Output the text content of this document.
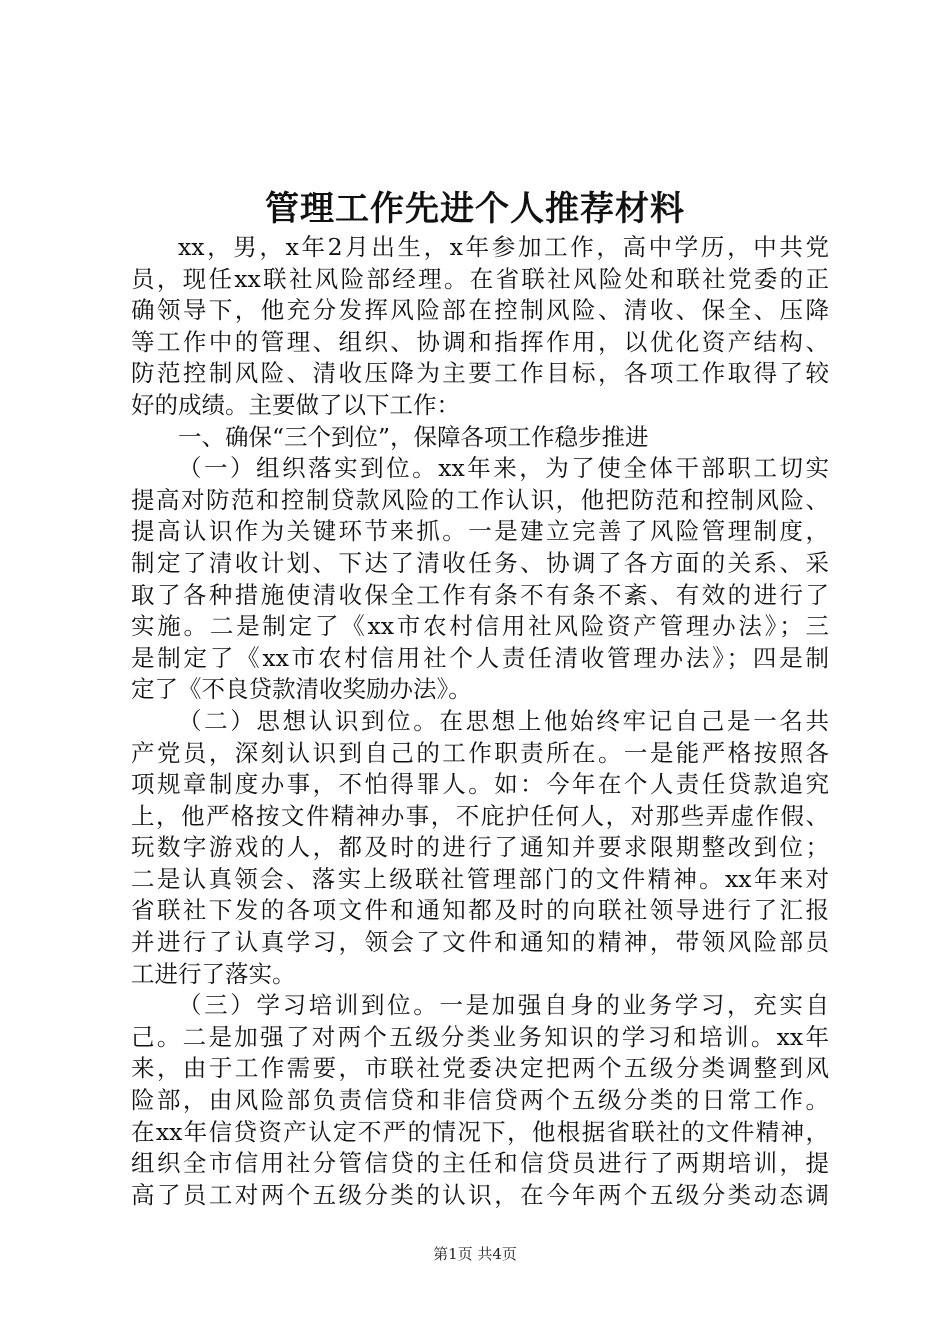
管理工作先进个人推荐材料
xx，男，x年2月出生，x年参加工作，高中学历，中共党
员，现任xx联社风险部经理。在省联社风险处和联社党委的正
确领导下，他充分发挥风险部在控制风险、清收、保全、压降
等工作中的管理、组织、协调和指挥作用，以优化资产结构、
防范控制风险、清收压降为主要工作目标，各项工作取得了较
好的成绩。主要做了以下工作：
一、确保“三个到位”，保障各项工作稳步推进
（一）组织落实到位。xx年来，为了使全体干部职工切实
提高对防范和控制贷款风险的工作认识，他把防范和控制风险、
提高认识作为关键环节来抓。一是建立完善了风险管理制度，
制定了清收计划、下达了清收任务、协调了各方面的关系、采
取了各种措施使清收保全工作有条不有条不紊、有效的进行了
实施。二是制定了《xx市农村信用社风险资产管理办法》；三
是制定了《xx市农村信用社个人责任清收管理办法》；四是制
定了《不良贷款清收奖励办法》。
（二）思想认识到位。在思想上他始终牢记自己是一名共
产党员，深刻认识到自己的工作职责所在。一是能严格按照各
项规章制度办事，不怕得罪人。如：今年在个人责任贷款追究
上，他严格按文件精神办事，不庇护任何人，对那些弄虚作假、
玩数字游戏的人，都及时的进行了通知并要求限期整改到位；
二是认真领会、落实上级联社管理部门的文件精神。xx年来对
省联社下发的各项文件和通知都及时的向联社领导进行了汇报
并进行了认真学习，领会了文件和通知的精神，带领风险部员
工进行了落实。
（三）学习培训到位。一是加强自身的业务学习，充实自
己。二是加强了对两个五级分类业务知识的学习和培训。xx年
来，由于工作需要，市联社党委决定把两个五级分类调整到风
险部，由风险部负责信贷和非信贷两个五级分类的日常工作。
在xx年信贷资产认定不严的情况下，他根据省联社的文件精神，
组织全市信用社分管信贷的主任和信贷员进行了两期培训，提
高了员工对两个五级分类的认识，在今年两个五级分类动态调
第1页 共4页
